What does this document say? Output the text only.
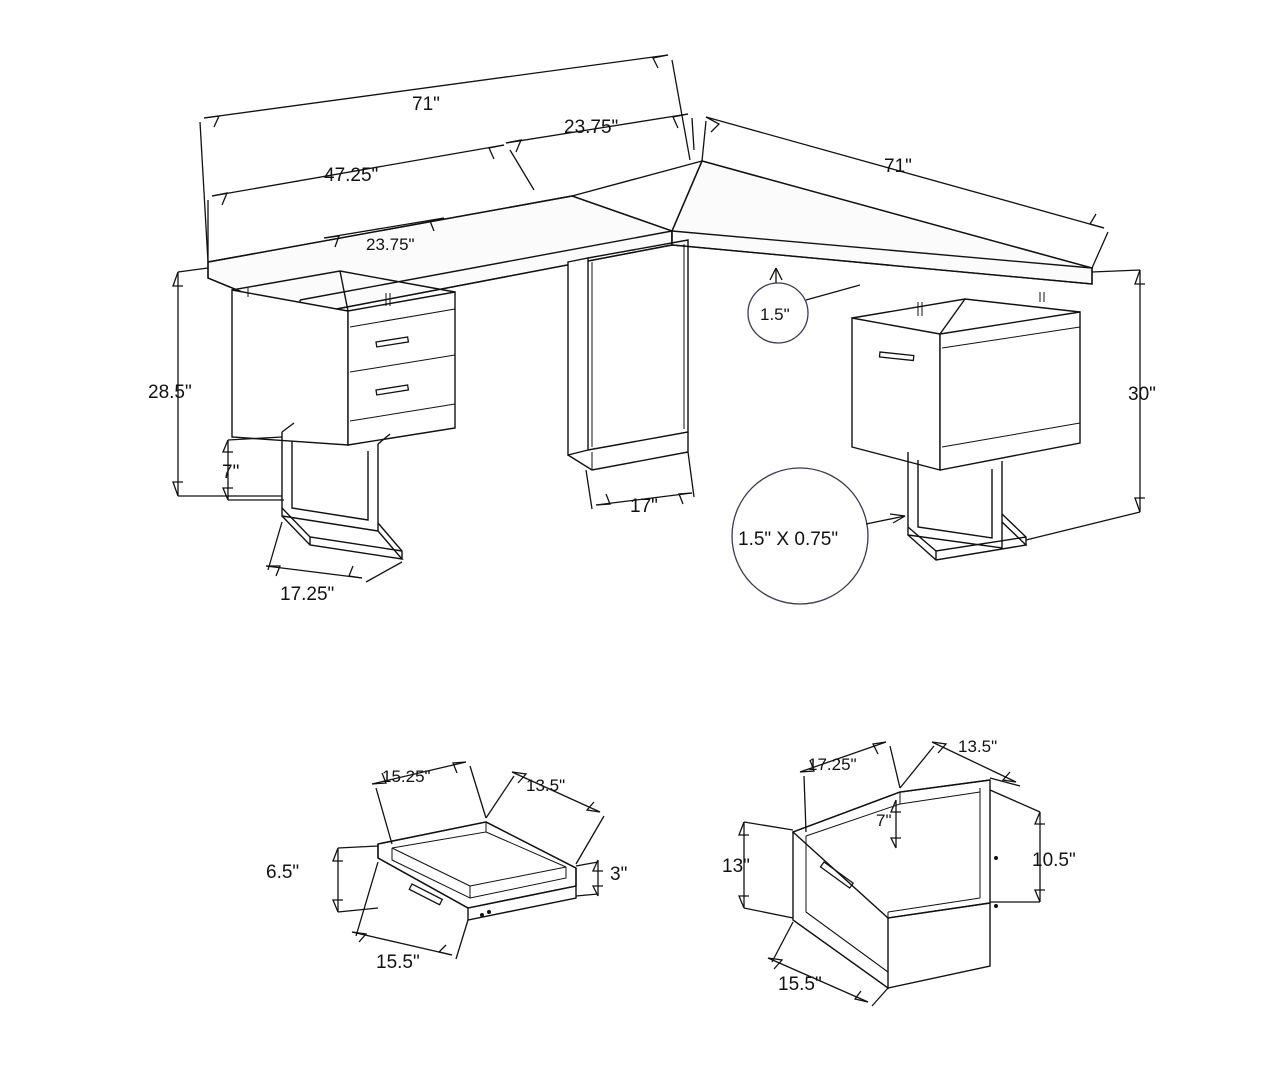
1.5"
1.5" X 0.75"
71"
47.25"
23.75"
71"
23.75"
28.5"
7"
17.25"
17"
30"
15.25"	13.5"
6.5"	3"
15.5"
17.25"
13.5"
7"
13"	10.5"
15.5"
